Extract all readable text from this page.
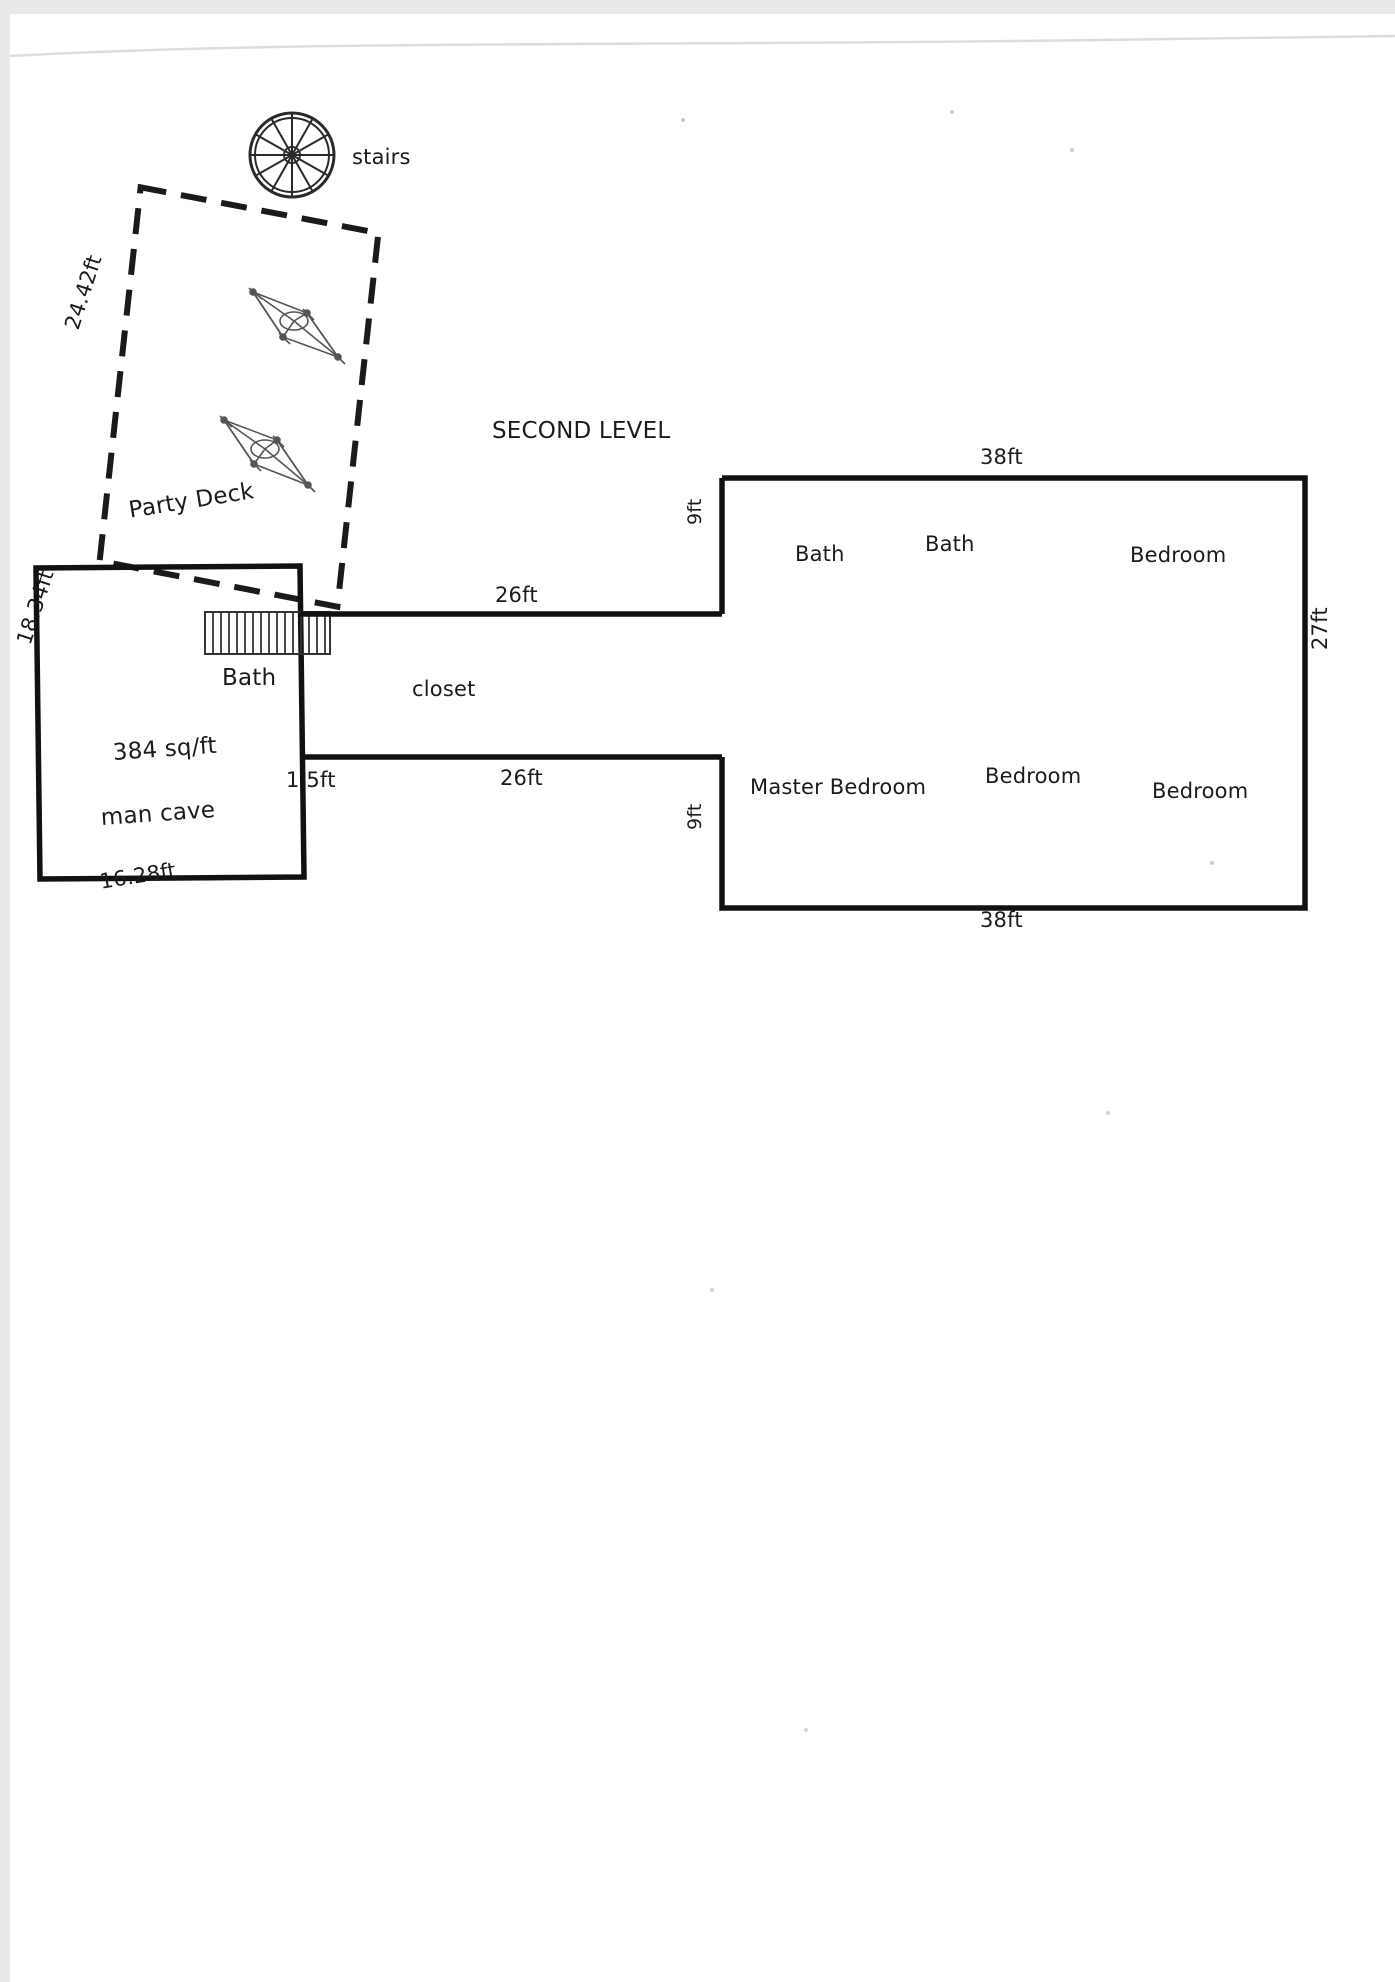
stairs
SECOND LEVEL
Party Deck
24.42ft
18.34ft
16.28ft
Bath
384 sq/ft
man cave
closet
26ft
1.5ft	26ft
9ft
9ft
38ft
38ft
27ft
Bath	Bath	Bedroom
Master Bedroom	Bedroom
Bedroom
